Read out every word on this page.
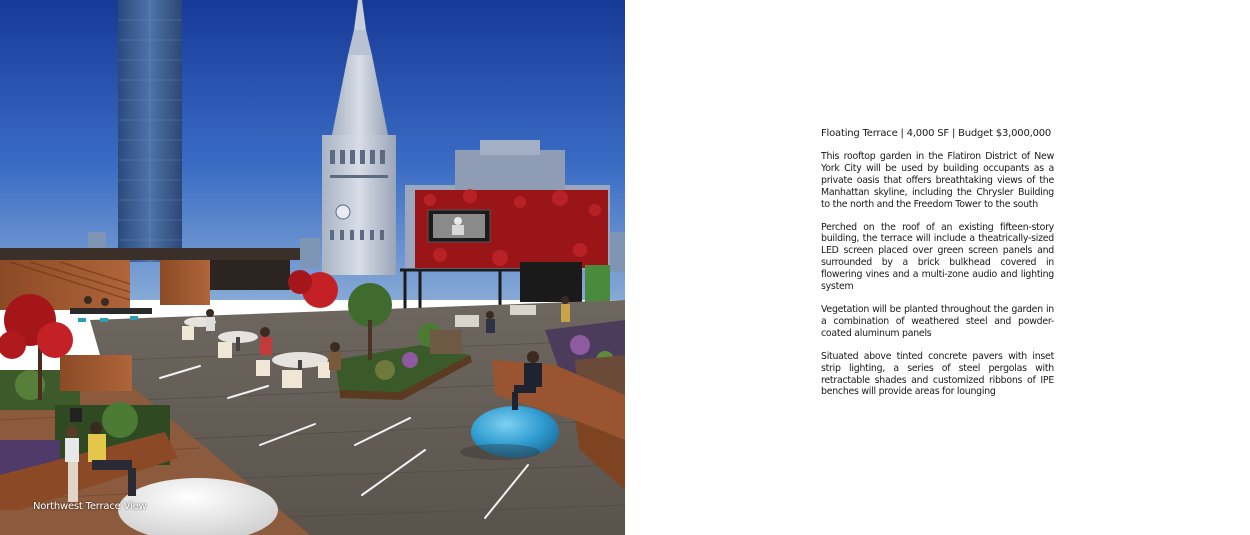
Northwest Terrace View

Floating Terrace | 4,000 SF | Budget $3,000,000

This rooftop garden in the Flatiron District of New York City will be used by building occupants as a private oasis that offers breathtaking views of the Manhattan skyline, including the Chrysler Building to the north and the Freedom Tower to the south

Perched on the roof of an existing fifteen-story building, the terrace will include a theatrically-sized LED screen placed over green screen panels and surrounded by a brick bulkhead covered in flowering vines and a multi-zone audio and lighting system

Vegetation will be planted throughout the garden in a combination of weathered steel and powder-coated aluminum panels

Situated above tinted concrete pavers with inset strip lighting, a series of steel pergolas with retractable shades and customized ribbons of IPE benches will provide areas for lounging
